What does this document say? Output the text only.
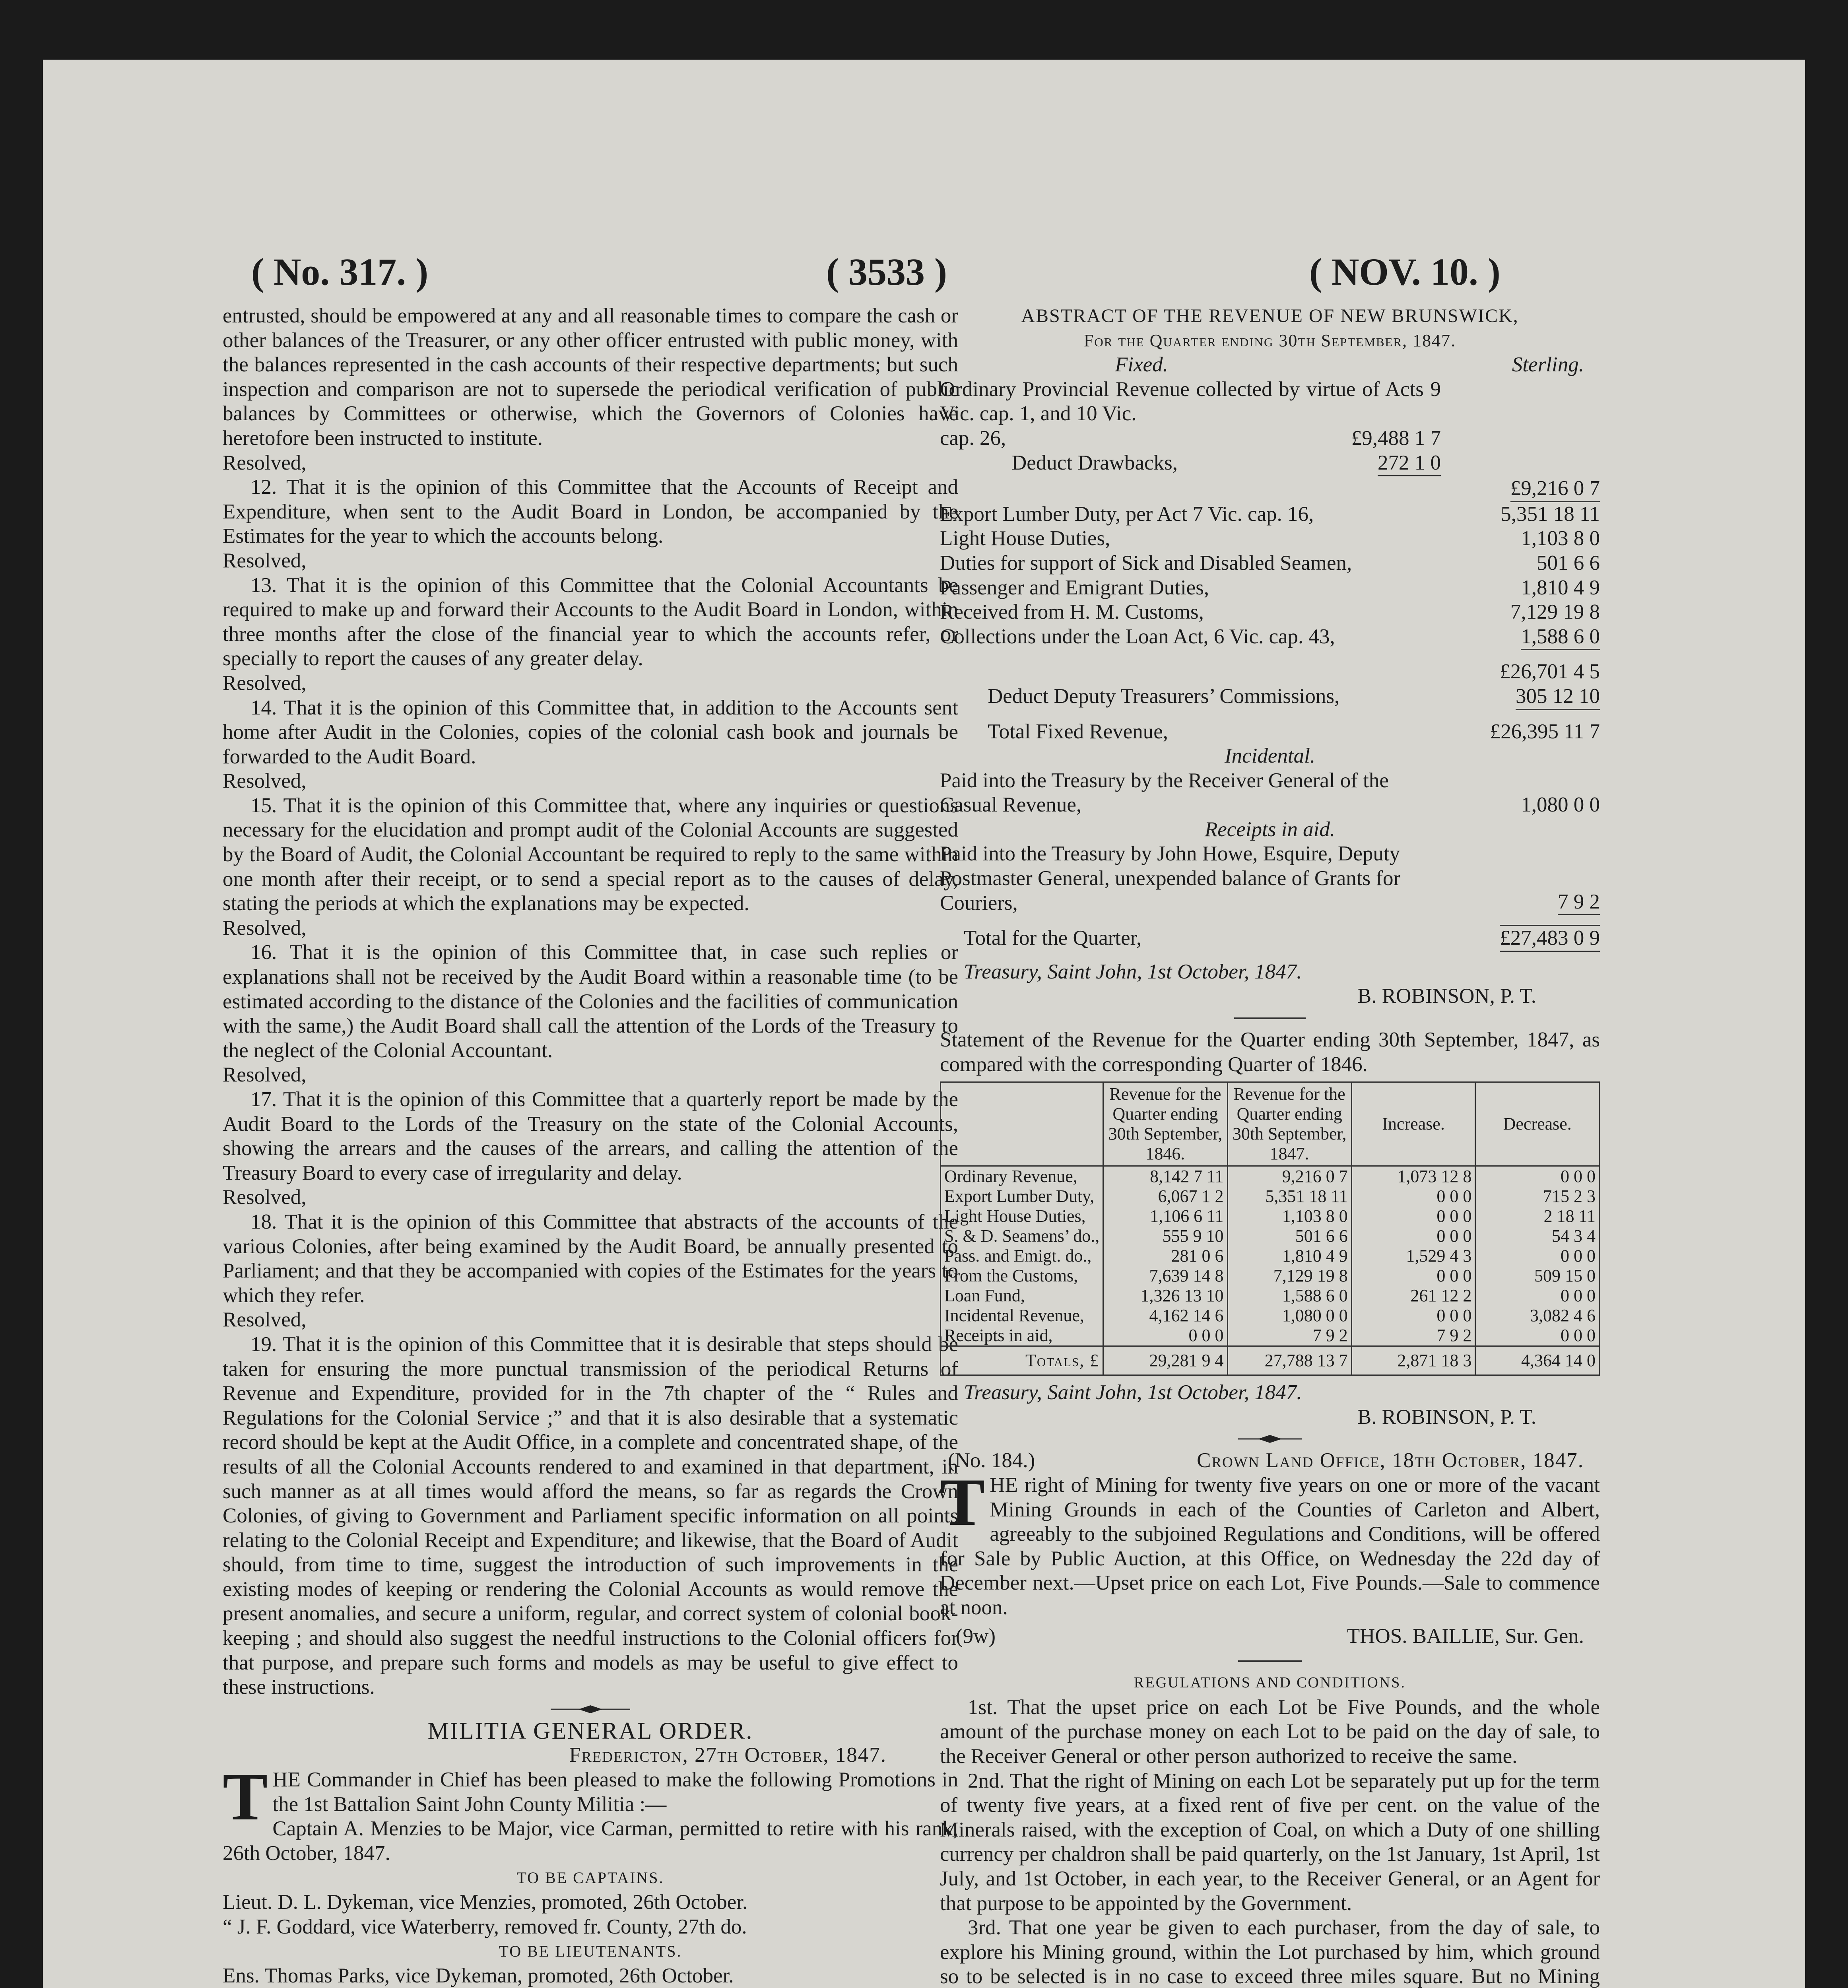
( No. 317. )	( 3533 )	( NOV. 10. )

entrusted, should be empowered at any and all reasonable times to compare the cash or other balances of the Treasurer, or any other officer entrusted with public money, with the balances represented in the cash accounts of their respective departments; but such inspection and comparison are not to supersede the periodical verification of public balances by Committees or otherwise, which the Governors of Colonies have heretofore been instructed to institute.

Resolved,

12. That it is the opinion of this Committee that the Accounts of Receipt and Expenditure, when sent to the Audit Board in London, be accompanied by the Estimates for the year to which the accounts belong.

Resolved,

13. That it is the opinion of this Committee that the Colonial Accountants be required to make up and forward their Accounts to the Audit Board in London, within three months after the close of the financial year to which the accounts refer, or specially to report the causes of any greater delay.

Resolved,

14. That it is the opinion of this Committee that, in addition to the Accounts sent home after Audit in the Colonies, copies of the colonial cash book and journals be forwarded to the Audit Board.

Resolved,

15. That it is the opinion of this Committee that, where any inquiries or questions necessary for the elucidation and prompt audit of the Colonial Accounts are suggested by the Board of Audit, the Colonial Accountant be required to reply to the same within one month after their receipt, or to send a special report as to the causes of delay, stating the periods at which the explanations may be expected.

Resolved,

16. That it is the opinion of this Committee that, in case such replies or explanations shall not be received by the Audit Board within a reasonable time (to be estimated according to the distance of the Colonies and the facilities of communication with the same,) the Audit Board shall call the attention of the Lords of the Treasury to the neglect of the Colonial Accountant.

Resolved,

17. That it is the opinion of this Committee that a quarterly report be made by the Audit Board to the Lords of the Treasury on the state of the Colonial Accounts, showing the arrears and the causes of the arrears, and calling the attention of the Treasury Board to every case of irregularity and delay.

Resolved,

18. That it is the opinion of this Committee that abstracts of the accounts of the various Colonies, after being examined by the Audit Board, be annually presented to Parliament; and that they be accompanied with copies of the Estimates for the years to which they refer.

Resolved,

19. That it is the opinion of this Committee that it is desirable that steps should be taken for ensuring the more punctual transmission of the periodical Returns of Revenue and Expenditure, provided for in the 7th chapter of the “ Rules and Regulations for the Colonial Service ;” and that it is also desirable that a systematic record should be kept at the Audit Office, in a complete and concentrated shape, of the results of all the Colonial Accounts rendered to and examined in that department, in such manner as at all times would afford the means, so far as regards the Crown Colonies, of giving to Government and Parliament specific information on all points relating to the Colonial Receipt and Expenditure; and likewise, that the Board of Audit should, from time to time, suggest the introduction of such improvements in the existing modes of keeping or rendering the Colonial Accounts as would remove the present anomalies, and secure a uniform, regular, and correct system of colonial book-keeping ; and should also suggest the needful instructions to the Colonial officers for that purpose, and prepare such forms and models as may be useful to give effect to these instructions.

MILITIA GENERAL ORDER.

Fredericton, 27th October, 1847.

THE Commander in Chief has been pleased to make the following Promotions in the 1st Battalion Saint John County Militia :—

Captain A. Menzies to be Major, vice Carman, permitted to retire with his rank, 26th October, 1847.

TO BE CAPTAINS.

Lieut. D. L. Dykeman, vice Menzies, promoted, 26th October.

“ J. F. Goddard, vice Waterberry, removed fr. County, 27th do.

TO BE LIEUTENANTS.

Ens. Thomas Parks, vice Dykeman, promoted, 26th October.

ABSTRACT OF THE REVENUE OF NEW BRUNSWICK,

For the Quarter ending 30th September, 1847.

Fixed.	Sterling.

Ordinary Provincial Revenue collected by virtue of Acts 9 Vic. cap. 1, and 10 Vic.

cap. 26,	£9,488 1 7
Deduct Drawbacks,	272 1 0
£9,216 0 7
Export Lumber Duty, per Act 7 Vic. cap. 16,	5,351 18 11
Light House Duties,	1,103 8 0
Duties for support of Sick and Disabled Seamen,	501 6 6
Passenger and Emigrant Duties,	1,810 4 9
Received from H. M. Customs,	7,129 19 8
Collections under the Loan Act, 6 Vic. cap. 43,	1,588 6 0
£26,701 4 5
Deduct Deputy Treasurers’ Commissions,	305 12 10
Total Fixed Revenue,	£26,395 11 7

Incidental.

Paid into the Treasury by the Receiver General of the Casual Revenue,	1,080 0 0

Receipts in aid.

Paid into the Treasury by John Howe, Esquire, Deputy Postmaster General, unexpended balance of Grants for Couriers,	7 9 2
Total for the Quarter,	£27,483 0 9

Treasury, Saint John, 1st October, 1847.

B. ROBINSON, P. T.

Statement of the Revenue for the Quarter ending 30th September, 1847, as compared with the corresponding Quarter of 1846.

	Revenue for the Quarter ending 30th September, 1846.	Revenue for the Quarter ending 30th September, 1847.	Increase.	Decrease.
Ordinary Revenue,	8,142 7 11	9,216 0 7	1,073 12 8	0 0 0
Export Lumber Duty,	6,067 1 2	5,351 18 11	0 0 0	715 2 3
Light House Duties,	1,106 6 11	1,103 8 0	0 0 0	2 18 11
S. & D. Seamens’ do.,	555 9 10	501 6 6	0 0 0	54 3 4
Pass. and Emigt. do.,	281 0 6	1,810 4 9	1,529 4 3	0 0 0
From the Customs,	7,639 14 8	7,129 19 8	0 0 0	509 15 0
Loan Fund,	1,326 13 10	1,588 6 0	261 12 2	0 0 0
Incidental Revenue,	4,162 14 6	1,080 0 0	0 0 0	3,082 4 6
Receipts in aid,	0 0 0	7 9 2	7 9 2	0 0 0
Totals, £	29,281 9 4	27,788 13 7	2,871 18 3	4,364 14 0

Treasury, Saint John, 1st October, 1847.

B. ROBINSON, P. T.

(No. 184.)	Crown Land Office, 18th October, 1847.

THE right of Mining for twenty five years on one or more of the vacant Mining Grounds in each of the Counties of Carleton and Albert, agreeably to the subjoined Regulations and Conditions, will be offered for Sale by Public Auction, at this Office, on Wednesday the 22d day of December next.—Upset price on each Lot, Five Pounds.—Sale to commence at noon.

(9w)	THOS. BAILLIE, Sur. Gen.

REGULATIONS AND CONDITIONS.

1st. That the upset price on each Lot be Five Pounds, and the whole amount of the purchase money on each Lot to be paid on the day of sale, to the Receiver General or other person authorized to receive the same.

2nd. That the right of Mining on each Lot be separately put up for the term of twenty five years, at a fixed rent of five per cent. on the value of the Minerals raised, with the exception of Coal, on which a Duty of one shilling currency per chaldron shall be paid quarterly, on the 1st January, 1st April, 1st July, and 1st October, in each year, to the Receiver General, or an Agent for that purpose to be appointed by the Government.

3rd. That one year be given to each purchaser, from the day of sale, to explore his Mining ground, within the Lot purchased by him, which ground so to be selected is in no case to exceed three miles square. But no Mining
